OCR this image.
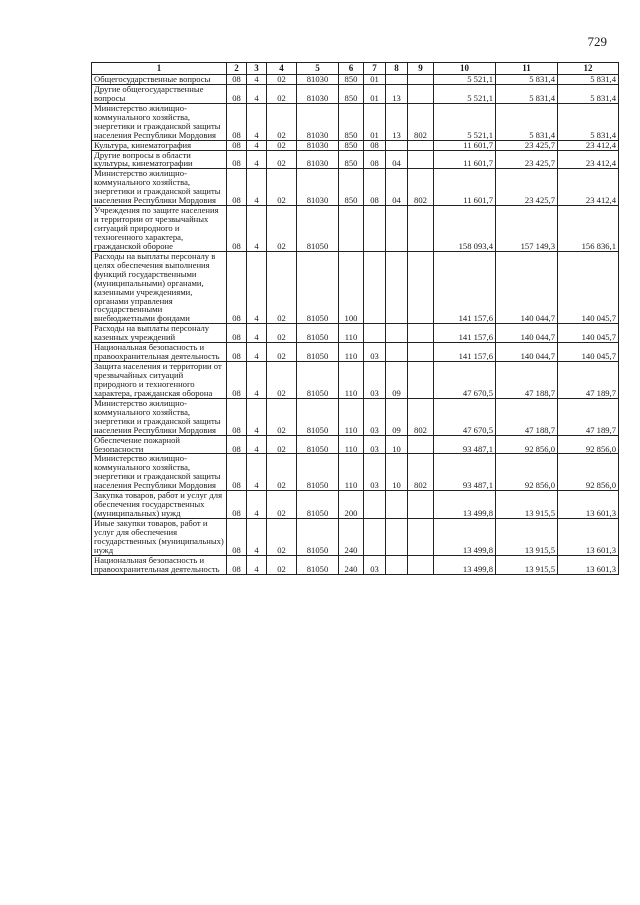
729
1	2	3	4	5	6	7	8	9	10	11	12
Общегосударственные вопросы	08	4	02	81030	850	01			5 521,1	5 831,4	5 831,4
Другие общегосударственные вопросы	08	4	02	81030	850	01	13		5 521,1	5 831,4	5 831,4
Министерство жилищно-коммунального хозяйства, энергетики и гражданской защиты населения Республики Мордовия	08	4	02	81030	850	01	13	802	5 521,1	5 831,4	5 831,4
Культура, кинематография	08	4	02	81030	850	08			11 601,7	23 425,7	23 412,4
Другие вопросы в области культуры, кинематографии	08	4	02	81030	850	08	04		11 601,7	23 425,7	23 412,4
Министерство жилищно-коммунального хозяйства, энергетики и гражданской защиты населения Республики Мордовия	08	4	02	81030	850	08	04	802	11 601,7	23 425,7	23 412,4
Учреждения по защите населения и территории от чрезвычайных ситуаций природного и техногенного характера, гражданской обороне	08	4	02	81050					158 093,4	157 149,3	156 836,1
Расходы на выплаты персоналу в целях обеспечения выполнения функций государственными (муниципальными) органами, казенными учреждениями, органами управления государственными внебюджетными фондами	08	4	02	81050	100				141 157,6	140 044,7	140 045,7
Расходы на выплаты персоналу казенных учреждений	08	4	02	81050	110				141 157,6	140 044,7	140 045,7
Национальная безопасность и правоохранительная деятельность	08	4	02	81050	110	03			141 157,6	140 044,7	140 045,7
Защита населения и территории от чрезвычайных ситуаций природного и техногенного характера, гражданская оборона	08	4	02	81050	110	03	09		47 670,5	47 188,7	47 189,7
Министерство жилищно-коммунального хозяйства, энергетики и гражданской защиты населения Республики Мордовия	08	4	02	81050	110	03	09	802	47 670,5	47 188,7	47 189,7
Обеспечение пожарной безопасности	08	4	02	81050	110	03	10		93 487,1	92 856,0	92 856,0
Министерство жилищно-коммунального хозяйства, энергетики и гражданской защиты населения Республики Мордовия	08	4	02	81050	110	03	10	802	93 487,1	92 856,0	92 856,0
Закупка товаров, работ и услуг для обеспечения государственных (муниципальных) нужд	08	4	02	81050	200				13 499,8	13 915,5	13 601,3
Иные закупки товаров, работ и услуг для обеспечения государственных (муниципальных) нужд	08	4	02	81050	240				13 499,8	13 915,5	13 601,3
Национальная безопасность и правоохранительная деятельность	08	4	02	81050	240	03			13 499,8	13 915,5	13 601,3
